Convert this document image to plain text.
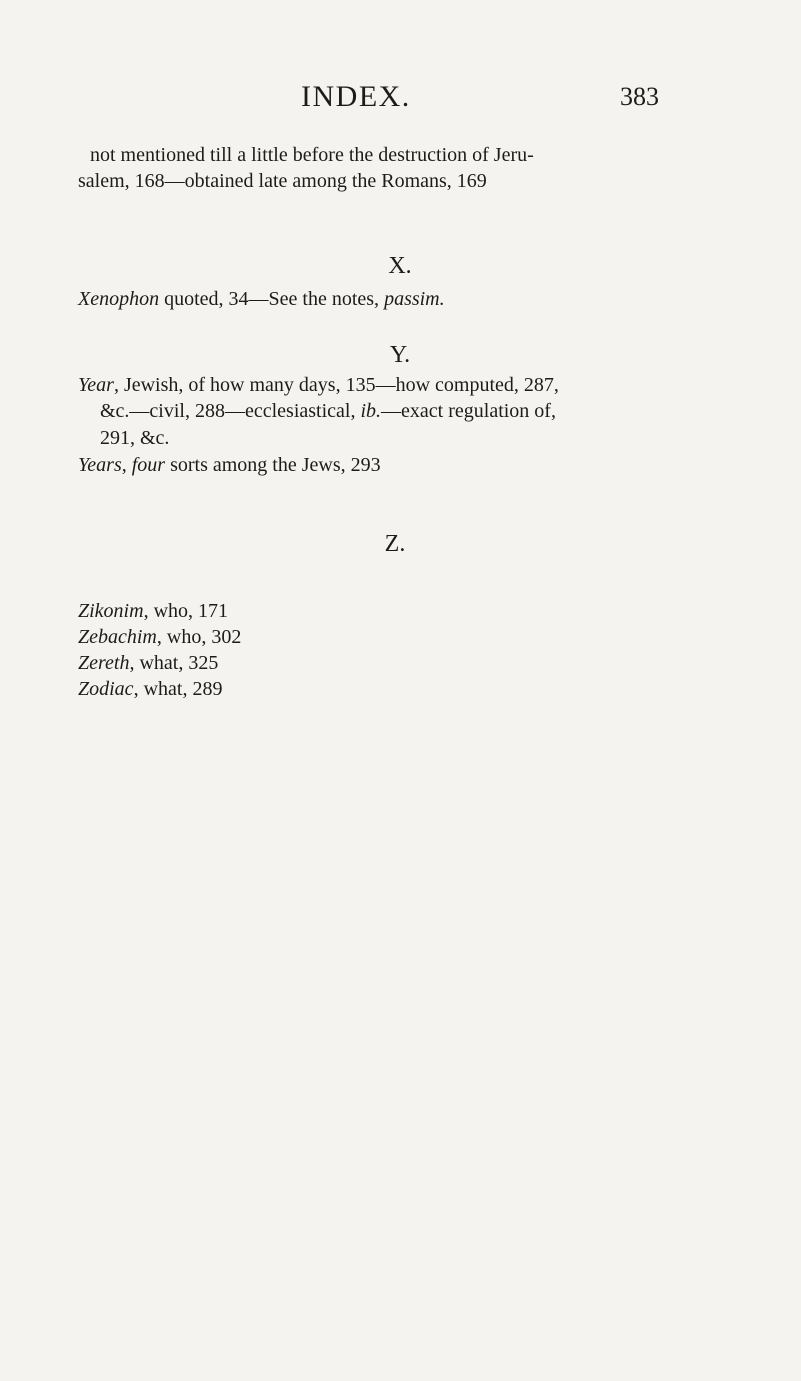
INDEX.	383
not mentioned till a little before the destruction of Jeru-
salem, 168—obtained late among the Romans, 169
X.
Xenophon quoted, 34—See the notes, passim.
Y.
Year, Jewish, of how many days, 135—how computed, 287,
&c.—civil, 288—ecclesiastical, ib.—exact regulation of,
291, &c.
Years, four sorts among the Jews, 293
Z.
Zikonim, who, 171
Zebachim, who, 302
Zereth, what, 325
Zodiac, what, 289
